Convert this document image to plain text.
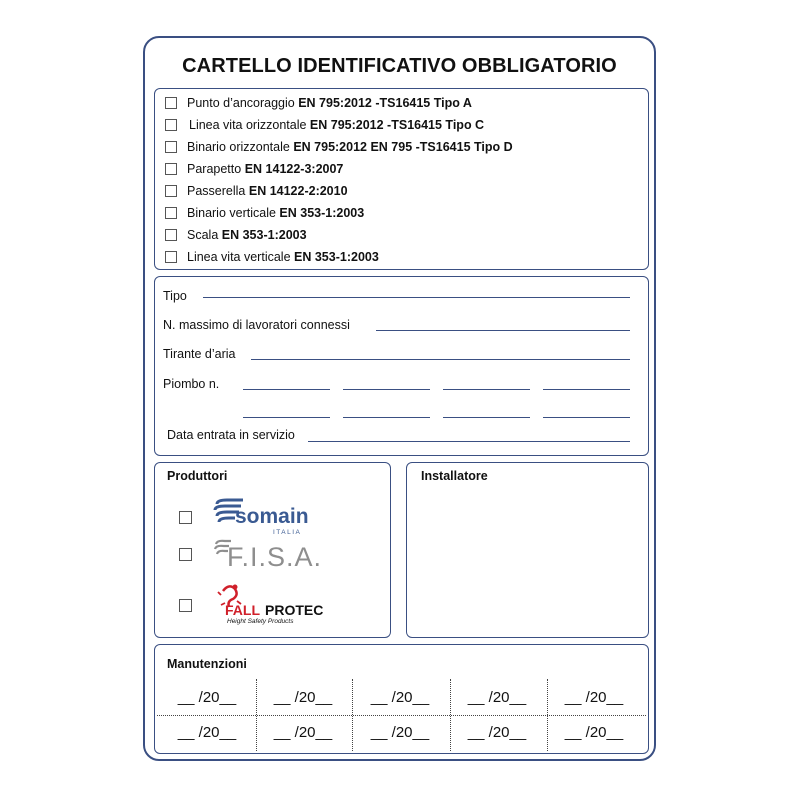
CARTELLO IDENTIFICATIVO OBBLIGATORIO
Punto d’ancoraggio EN 795:2012 -TS16415 Tipo A
Linea vita orizzontale EN 795:2012 -TS16415 Tipo C
Binario orizzontale EN 795:2012 EN 795 -TS16415 Tipo D
Parapetto EN 14122-3:2007
Passerella EN 14122-2:2010
Binario verticale EN 353-1:2003
Scala EN 353-1:2003
Linea vita verticale EN 353-1:2003
Tipo
N. massimo di lavoratori connessi
Tirante d’aria
Piombo n.
Data entrata in servizio
Produttori
somain
ITALIA
F.I.S.A.
FALL PROTEC
Height Safety Products
Installatore
Manutenzioni
__ /20__	__ /20__	__ /20__	__ /20__	__ /20__
__ /20__	__ /20__	__ /20__	__ /20__	__ /20__
